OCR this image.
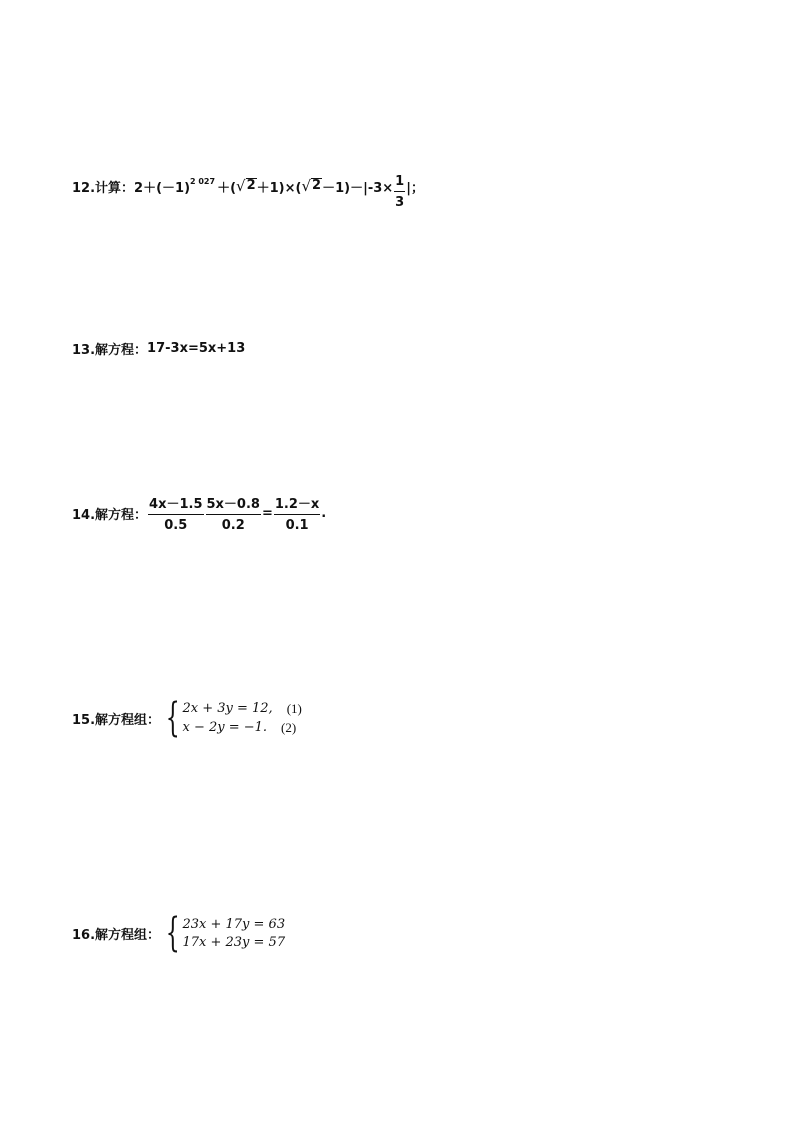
12.计算： 2＋(－1) 2 027 ＋( √ 2 ＋1)×( √ $2 -1)-|-3\times \frac{1}{3}$ |；
13.解方程： 17-3x=5x+13
14.解方程： $\frac{4x-1.5}{0.5} \frac{5x-0.8}{0.2} = \frac{1.2-x}{0.1}$ .
15.解方程组： { 2x + 3y = 12, (1)
x − 2y = −1. (2)
16.解方程组： { 23x + 17y = 63
17x + 23y = 57
